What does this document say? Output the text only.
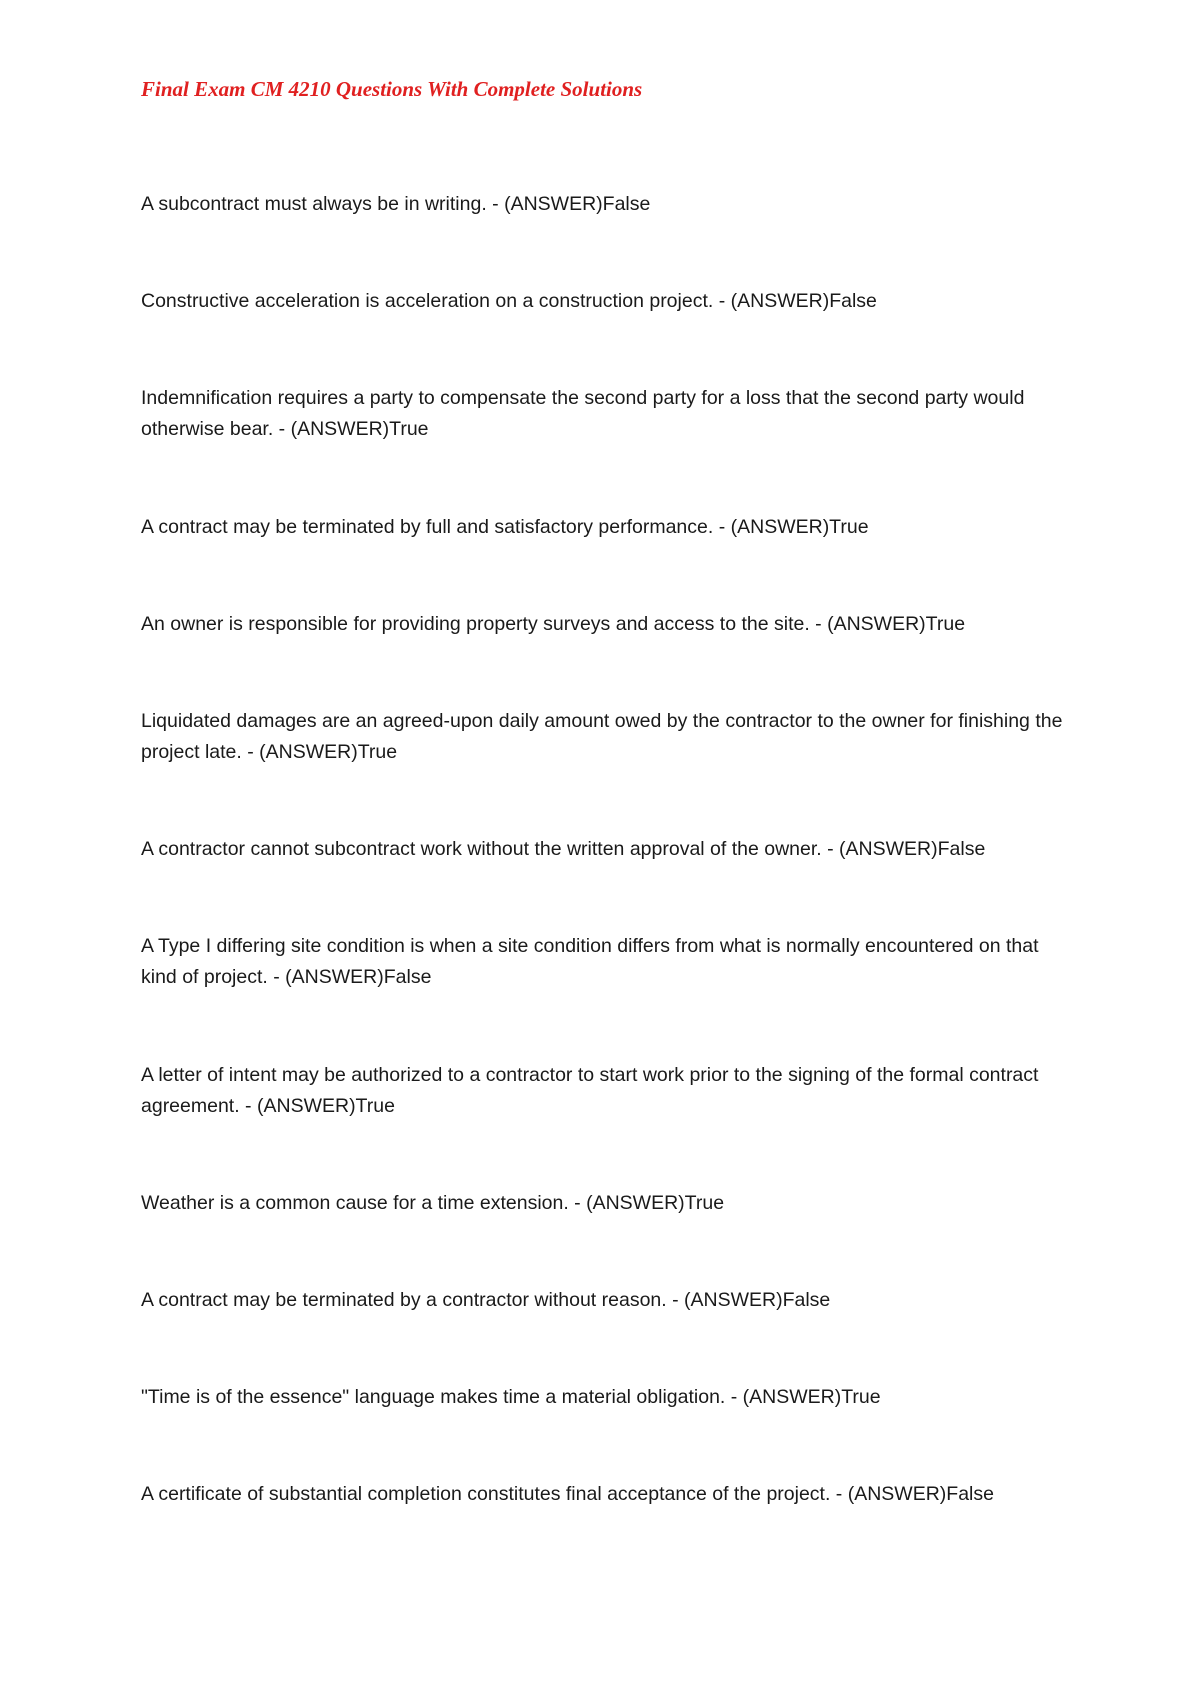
Final Exam CM 4210 Questions With Complete Solutions
A subcontract must always be in writing. - (ANSWER)False
Constructive acceleration is acceleration on a construction project. - (ANSWER)False
Indemnification requires a party to compensate the second party for a loss that the second party would otherwise bear. - (ANSWER)True
A contract may be terminated by full and satisfactory performance. - (ANSWER)True
An owner is responsible for providing property surveys and access to the site. - (ANSWER)True
Liquidated damages are an agreed-upon daily amount owed by the contractor to the owner for finishing the project late. - (ANSWER)True
A contractor cannot subcontract work without the written approval of the owner. - (ANSWER)False
A Type I differing site condition is when a site condition differs from what is normally encountered on that kind of project. - (ANSWER)False
A letter of intent may be authorized to a contractor to start work prior to the signing of the formal contract agreement. - (ANSWER)True
Weather is a common cause for a time extension. - (ANSWER)True
A contract may be terminated by a contractor without reason. - (ANSWER)False
"Time is of the essence" language makes time a material obligation. - (ANSWER)True
A certificate of substantial completion constitutes final acceptance of the project. - (ANSWER)False
